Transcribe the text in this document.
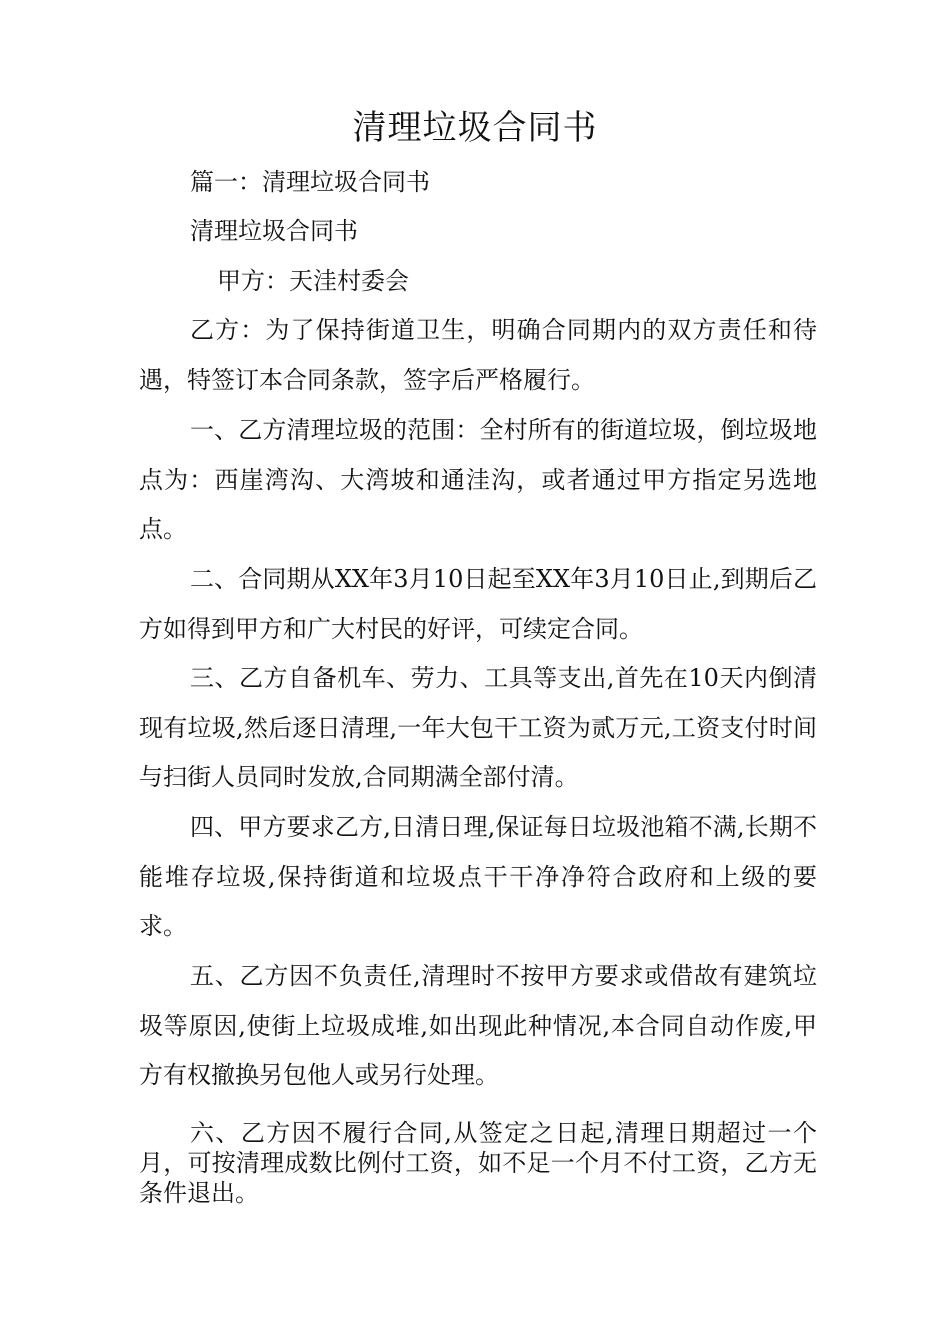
清理垃圾合同书

篇一：清理垃圾合同书

清理垃圾合同书

甲方：天洼村委会

乙方：为了保持街道卫生，明确合同期内的双方责任和待遇，特签订本合同条款，签字后严格履行。

一、乙方清理垃圾的范围：全村所有的街道垃圾，倒垃圾地点为：西崖湾沟、大湾坡和通洼沟，或者通过甲方指定另选地点。

二、合同期从XX年3月10日起至XX年3月10日止,到期后乙方如得到甲方和广大村民的好评，可续定合同。

三、乙方自备机车、劳力、工具等支出,首先在10天内倒清现有垃圾,然后逐日清理,一年大包干工资为贰万元,工资支付时间与扫街人员同时发放,合同期满全部付清。

四、甲方要求乙方,日清日理,保证每日垃圾池箱不满,长期不能堆存垃圾,保持街道和垃圾点干干净净符合政府和上级的要求。

五、乙方因不负责任,清理时不按甲方要求或借故有建筑垃圾等原因,使街上垃圾成堆,如出现此种情况,本合同自动作废,甲方有权撤换另包他人或另行处理。

六、乙方因不履行合同,从签定之日起,清理日期超过一个月，可按清理成数比例付工资，如不足一个月不付工资，乙方无条件退出。
